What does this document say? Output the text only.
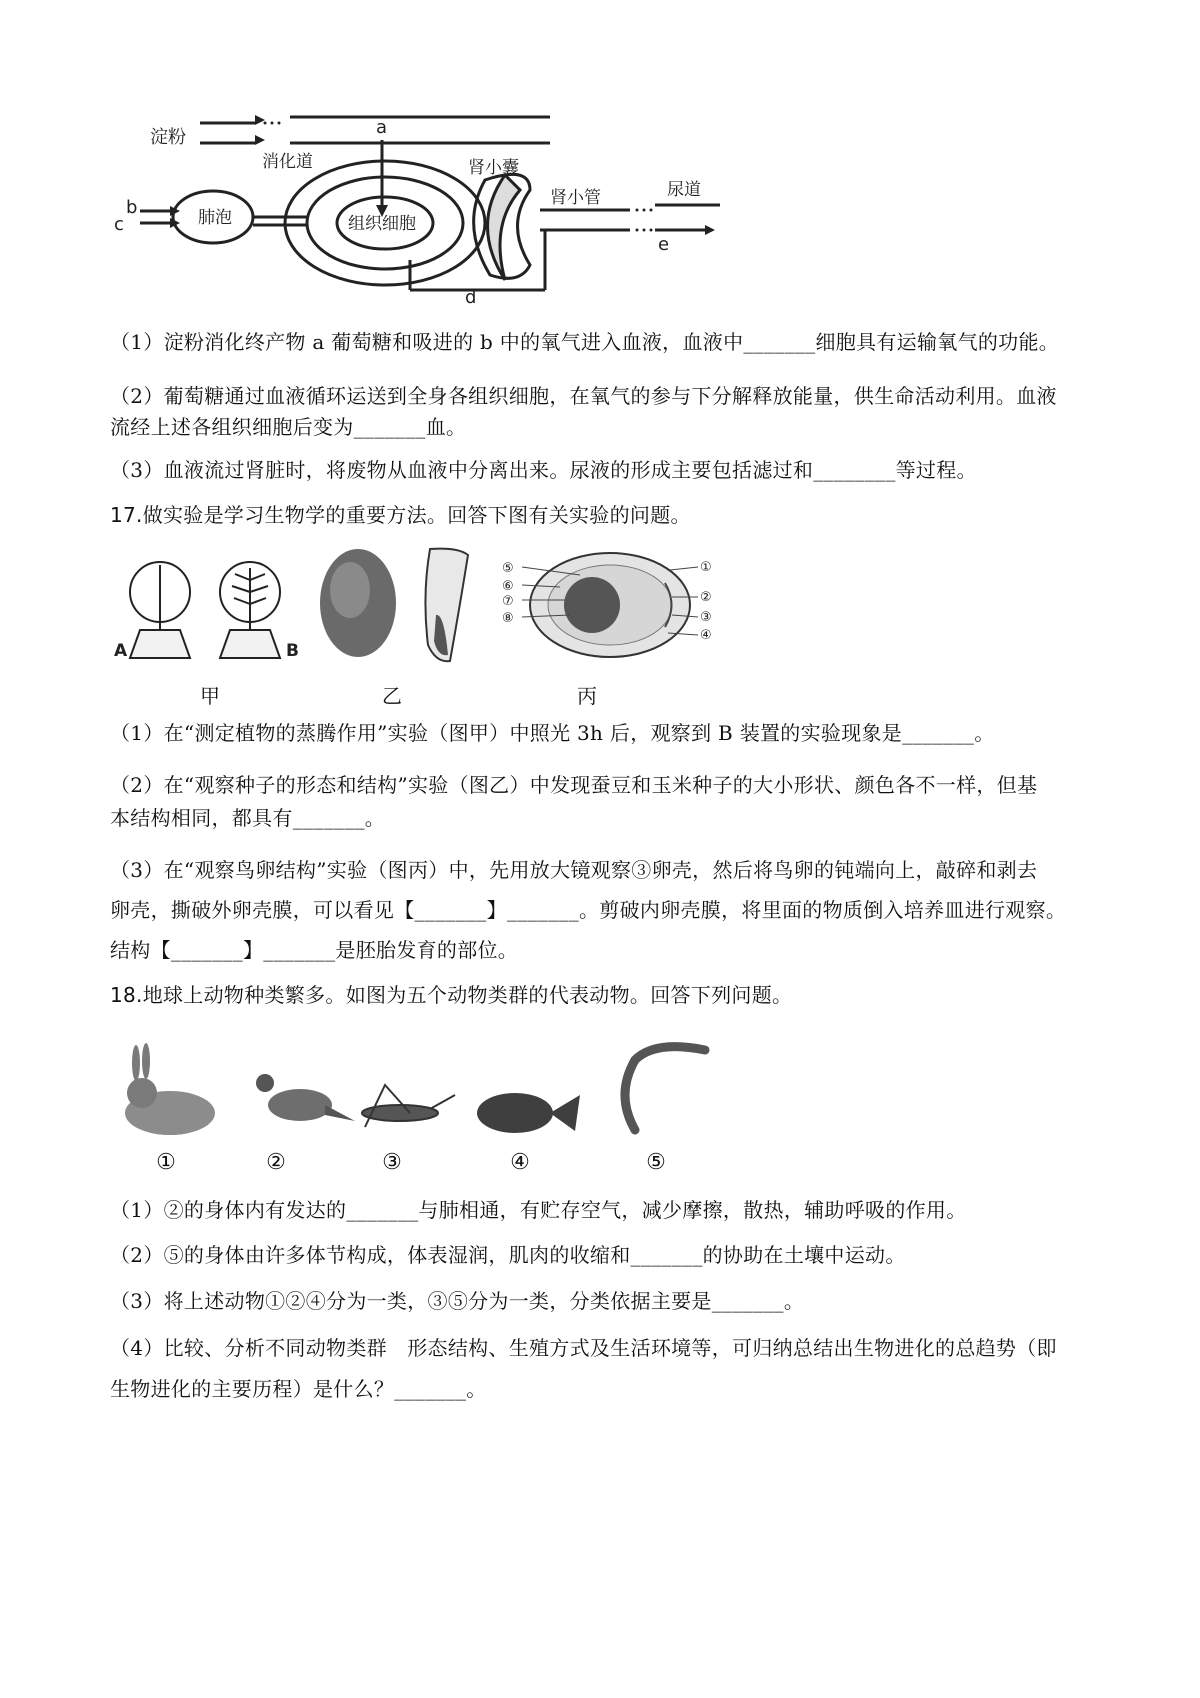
淀粉	a
消化道
b
c	肺泡	组织细胞
肾小囊
肾小管	尿道
e
d
（1）淀粉消化终产物 a 葡萄糖和吸进的 b 中的氧气进入血液，血液中_______细胞具有运输氧气的功能。
（2）葡萄糖通过血液循环运送到全身各组织细胞，在氧气的参与下分解释放能量，供生命活动利用。血液
流经上述各组织细胞后变为_______血。
（3）血液流过肾脏时，将废物从血液中分离出来。尿液的形成主要包括滤过和________等过程。
17.做实验是学习生物学的重要方法。回答下图有关实验的问题。
A	B
⑤
⑥
⑦
⑧
①
②
③
④
甲	乙	丙
（1）在“测定植物的蒸腾作用”实验（图甲）中照光 3h 后，观察到 B 装置的实验现象是_______。
（2）在“观察种子的形态和结构”实验（图乙）中发现蚕豆和玉米种子的大小形状、颜色各不一样，但基
本结构相同，都具有_______。
（3）在“观察鸟卵结构”实验（图丙）中，先用放大镜观察③卵壳，然后将鸟卵的钝端向上，敲碎和剥去
卵壳，撕破外卵壳膜，可以看见【_______】_______。剪破内卵壳膜，将里面的物质倒入培养皿进行观察。
结构【_______】_______是胚胎发育的部位。
18.地球上动物种类繁多。如图为五个动物类群的代表动物。回答下列问题。
①	②	③	④	⑤
（1）②的身体内有发达的_______与肺相通，有贮存空气，减少摩擦，散热，辅助呼吸的作用。
（2）⑤的身体由许多体节构成，体表湿润，肌肉的收缩和_______的协助在土壤中运动。
（3）将上述动物①②④分为一类，③⑤分为一类，分类依据主要是_______。
（4）比较、分析不同动物类群　形态结构、生殖方式及生活环境等，可归纳总结出生物进化的总趋势（即
生物进化的主要历程）是什么？_______。
